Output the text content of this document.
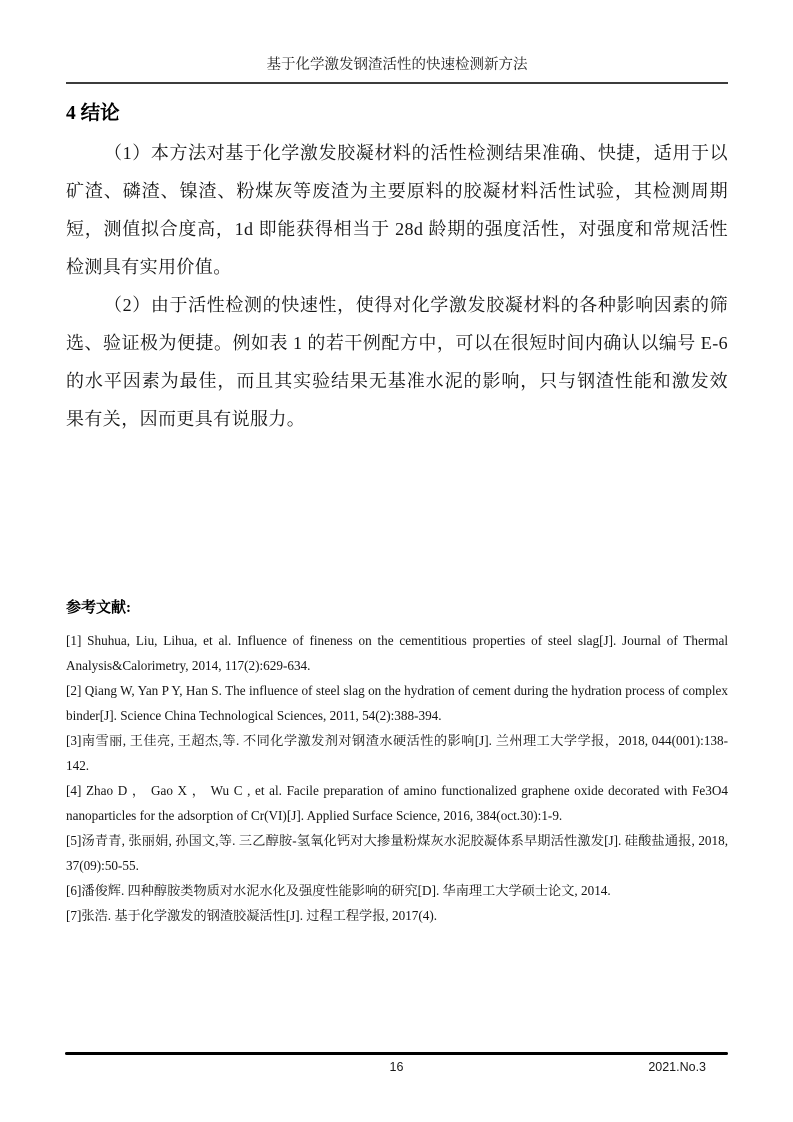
基于化学激发钢渣活性的快速检测新方法
4 结论

（1）本方法对基于化学激发胶凝材料的活性检测结果准确、快捷，适用于以矿渣、磷渣、镍渣、粉煤灰等废渣为主要原料的胶凝材料活性试验，其检测周期短，测值拟合度高，1d 即能获得相当于 28d 龄期的强度活性，对强度和常规活性检测具有实用价值。

（2）由于活性检测的快速性，使得对化学激发胶凝材料的各种影响因素的筛选、验证极为便捷。例如表 1 的若干例配方中，可以在很短时间内确认以编号 E-6 的水平因素为最佳，而且其实验结果无基准水泥的影响，只与钢渣性能和激发效果有关，因而更具有说服力。

参考文献:
[1] Shuhua, Liu, Lihua, et al. Influence of fineness on the cementitious properties of steel slag[J]. Journal of Thermal Analysis&Calorimetry, 2014, 117(2):629-634.
[2] Qiang W, Yan P Y, Han S. The influence of steel slag on the hydration of cement during the hydration process of complex binder[J]. Science China Technological Sciences, 2011, 54(2):388-394.
[3]南雪丽, 王佳亮, 王超杰,等. 不同化学激发剂对钢渣水硬活性的影响[J]. 兰州理工大学学报，2018, 044(001):138-142.
[4] Zhao D ， Gao X ， Wu C , et al. Facile preparation of amino functionalized graphene oxide decorated with Fe3O4 nanoparticles for the adsorption of Cr(VI)[J]. Applied Surface Science, 2016, 384(oct.30):1-9.
[5]汤青青, 张丽娟, 孙国文,等. 三乙醇胺-氢氧化钙对大掺量粉煤灰水泥胶凝体系早期活性激发[J]. 硅酸盐通报, 2018, 37(09):50-55.
[6]潘俊辉. 四种醇胺类物质对水泥水化及强度性能影响的研究[D]. 华南理工大学硕士论文, 2014.
[7]张浩. 基于化学激发的钢渣胶凝活性[J]. 过程工程学报, 2017(4).
16	2021.No.3
